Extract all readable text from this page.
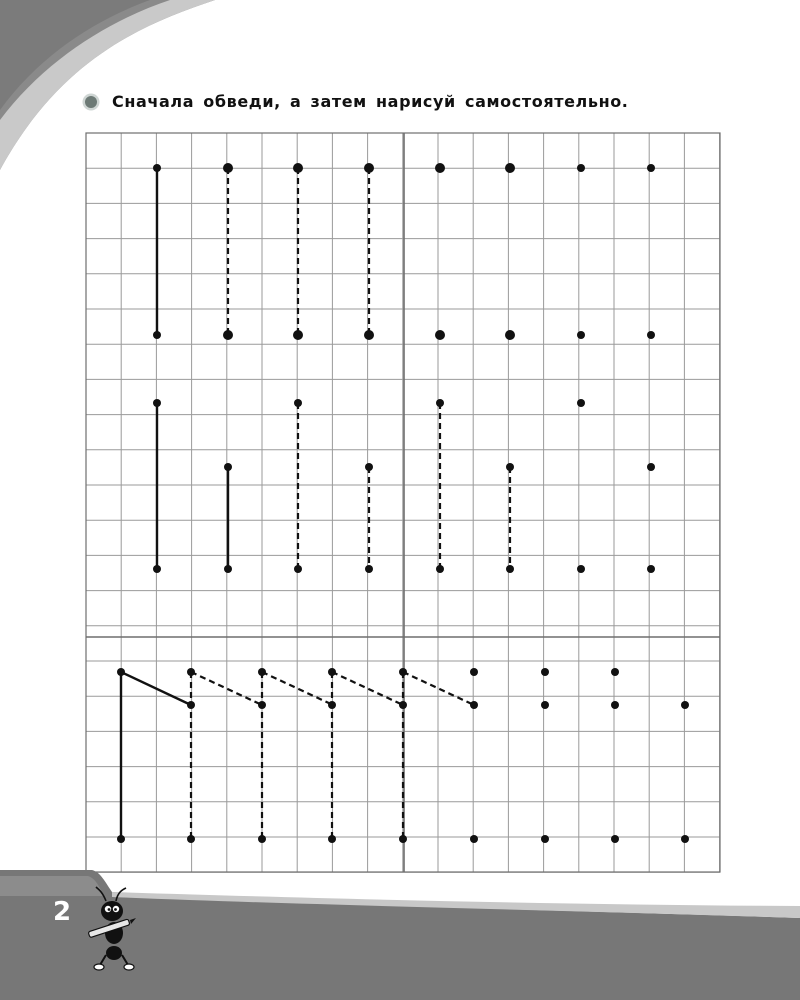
Сначала обведи, а затем нарисуй самостоятельно.
2
